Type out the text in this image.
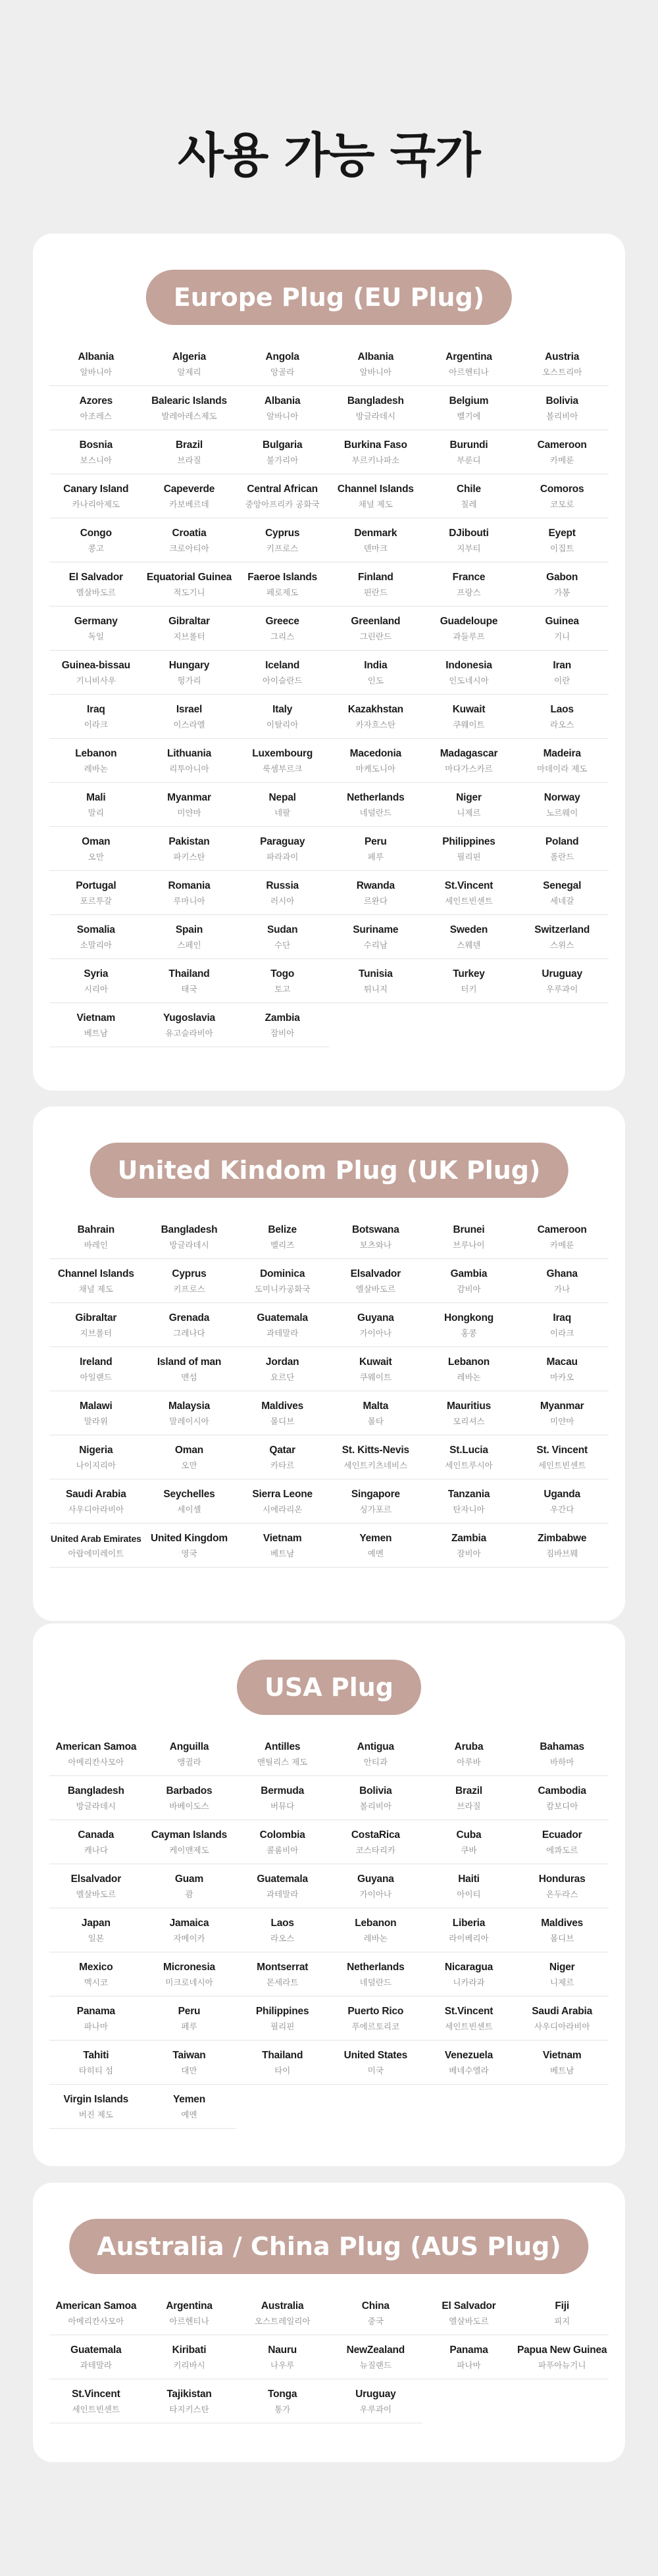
사용 가능 국가
Europe Plug (EU Plug)
Albania
알바니아
Algeria
알제리
Angola
앙골라
Albania
알바니아
Argentina
아르헨티나
Austria
오스트리아
Azores
아조레스
Balearic Islands
발레아레스제도
Albania
알바니아
Bangladesh
방글라데시
Belgium
벨기에
Bolivia
볼리비아
Bosnia
보스니아
Brazil
브라질
Bulgaria
불가리아
Burkina Faso
부르키나파소
Burundi
부룬디
Cameroon
카메룬
Canary Island
카나리아제도
Capeverde
카보베르데
Central African
중앙아프리카 공화국
Channel Islands
채널 제도
Chile
칠레
Comoros
코모로
Congo
콩고
Croatia
크로아티아
Cyprus
키프로스
Denmark
덴마크
DJibouti
지부티
Eyept
이집트
El Salvador
엘살바도르
Equatorial Guinea
적도기니
Faeroe Islands
페로제도
Finland
핀란드
France
프랑스
Gabon
가봉
Germany
독일
Gibraltar
지브롤터
Greece
그리스
Greenland
그린란드
Guadeloupe
과들루프
Guinea
기니
Guinea-bissau
기니비사우
Hungary
헝가리
Iceland
아이슬란드
India
인도
Indonesia
인도네시아
Iran
이란
Iraq
이라크
Israel
이스라엘
Italy
이탈리아
Kazakhstan
카자흐스탄
Kuwait
쿠웨이트
Laos
라오스
Lebanon
레바논
Lithuania
리투아니아
Luxembourg
룩셈부르크
Macedonia
마케도니아
Madagascar
마다가스카르
Madeira
마데이라 제도
Mali
말리
Myanmar
미얀마
Nepal
네팔
Netherlands
네덜란드
Niger
니제르
Norway
노르웨이
Oman
오만
Pakistan
파키스탄
Paraguay
파라과이
Peru
페루
Philippines
필리핀
Poland
폴란드
Portugal
포르투갈
Romania
루마니아
Russia
러시아
Rwanda
르완다
St.Vincent
세인트빈센트
Senegal
세네갈
Somalia
소말리아
Spain
스페인
Sudan
수단
Suriname
수리남
Sweden
스웨덴
Switzerland
스위스
Syria
시리아
Thailand
태국
Togo
토고
Tunisia
튀니지
Turkey
터키
Uruguay
우루과이
Vietnam
베트남
Yugoslavia
유고슬라비아
Zambia
잠비아
United Kindom Plug (UK Plug)
Bahrain
바레인
Bangladesh
방글라데시
Belize
벨리즈
Botswana
보츠와나
Brunei
브루나이
Cameroon
카메룬
Channel Islands
채널 제도
Cyprus
키프로스
Dominica
도미니카공화국
Elsalvador
엘살바도르
Gambia
감비아
Ghana
가나
Gibraltar
지브롤터
Grenada
그레나다
Guatemala
과테말라
Guyana
가이아나
Hongkong
홍콩
Iraq
이라크
Ireland
아일랜드
Island of man
맨섬
Jordan
요르단
Kuwait
쿠웨이트
Lebanon
레바논
Macau
마카오
Malawi
말라위
Malaysia
말레이시아
Maldives
몰디브
Malta
몰타
Mauritius
모리셔스
Myanmar
미얀마
Nigeria
나이지리아
Oman
오만
Qatar
카타르
St. Kitts-Nevis
세인트키츠네비스
St.Lucia
세인트루시아
St. Vincent
세인트빈센트
Saudi Arabia
사우디아라비아
Seychelles
세이셸
Sierra Leone
시에라리온
Singapore
싱가포르
Tanzania
탄자니아
Uganda
우간다
United Arab Emirates
아랍에미레이트
United Kingdom
영국
Vietnam
베트남
Yemen
예멘
Zambia
잠비아
Zimbabwe
짐바브웨
USA Plug
American Samoa
아메리칸사모아
Anguilla
앵귈라
Antilles
앤틸리스 제도
Antigua
안티과
Aruba
아루바
Bahamas
바하마
Bangladesh
방글라데시
Barbados
바베이도스
Bermuda
버뮤다
Bolivia
볼리비아
Brazil
브라질
Cambodia
캄보디아
Canada
캐나다
Cayman Islands
케이맨제도
Colombia
콜롬비아
CostaRica
코스타리카
Cuba
쿠바
Ecuador
에콰도르
Elsalvador
엘살바도르
Guam
괌
Guatemala
과테말라
Guyana
가이아나
Haiti
아이티
Honduras
온두라스
Japan
일본
Jamaica
자메이카
Laos
라오스
Lebanon
레바논
Liberia
라이베리아
Maldives
몰디브
Mexico
멕시코
Micronesia
미크로네시아
Montserrat
몬세라트
Netherlands
네덜란드
Nicaragua
니카라과
Niger
니제르
Panama
파나마
Peru
페루
Philippines
필리핀
Puerto Rico
푸에르토리코
St.Vincent
세인트빈센트
Saudi Arabia
사우디아라비아
Tahiti
타히티 섬
Taiwan
대만
Thailand
타이
United States
미국
Venezuela
베네수엘라
Vietnam
베트남
Virgin Islands
버진 제도
Yemen
예멘
Australia / China Plug (AUS Plug)
American Samoa
아메리칸사모아
Argentina
아르헨티나
Australia
오스트레일리아
China
중국
El Salvador
엘살바도르
Fiji
피지
Guatemala
과테말라
Kiribati
키리바시
Nauru
나우루
NewZealand
뉴질랜드
Panama
파나마
Papua New Guinea
파푸아뉴기니
St.Vincent
세인트빈센트
Tajikistan
타지키스탄
Tonga
통가
Uruguay
우루과이
